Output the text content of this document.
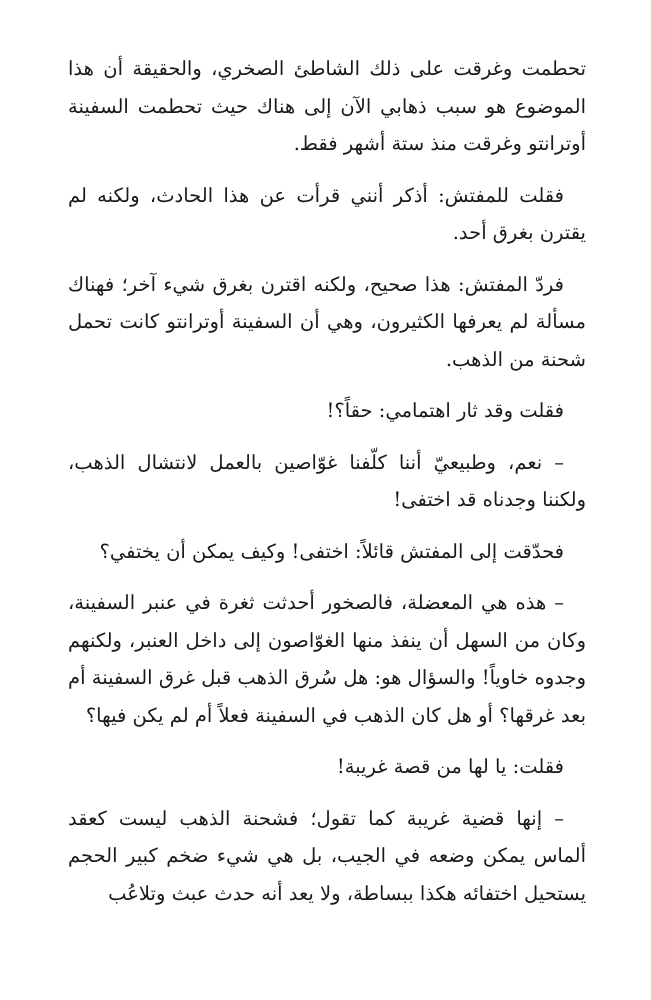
تحطمت وغرقت على ذلك الشاطئ الصخري، والحقيقة أن هذا الموضوع هو سبب ذهابي الآن إلى هناك حيث تحطمت السفينة أوترانتو وغرقت منذ ستة أشهر فقط.

فقلت للمفتش: أذكر أنني قرأت عن هذا الحادث، ولكنه لم يقترن بغرق أحد.

فردّ المفتش: هذا صحيح، ولكنه اقترن بغرق شيء آخر؛ فهناك مسألة لم يعرفها الكثيرون، وهي أن السفينة أوترانتو كانت تحمل شحنة من الذهب.

فقلت وقد ثار اهتمامي: حقاً؟!

– نعم، وطبيعيّ أننا كلّفنا غوّاصين بالعمل لانتشال الذهب، ولكننا وجدناه قد اختفى!

فحدّقت إلى المفتش قائلاً: اختفى! وكيف يمكن أن يختفي؟

– هذه هي المعضلة، فالصخور أحدثت ثغرة في عنبر السفينة، وكان من السهل أن ينفذ منها الغوّاصون إلى داخل العنبر، ولكنهم وجدوه خاوياً! والسؤال هو: هل سُرق الذهب قبل غرق السفينة أم بعد غرقها؟ أو هل كان الذهب في السفينة فعلاً أم لم يكن فيها؟

فقلت: يا لها من قصة غريبة!

– إنها قضية غريبة كما تقول؛ فشحنة الذهب ليست كعقد ألماس يمكن وضعه في الجيب، بل هي شيء ضخم كبير الحجم يستحيل اختفائه هكذا ببساطة، ولا يعد أنه حدث عبث وتلاعُب
